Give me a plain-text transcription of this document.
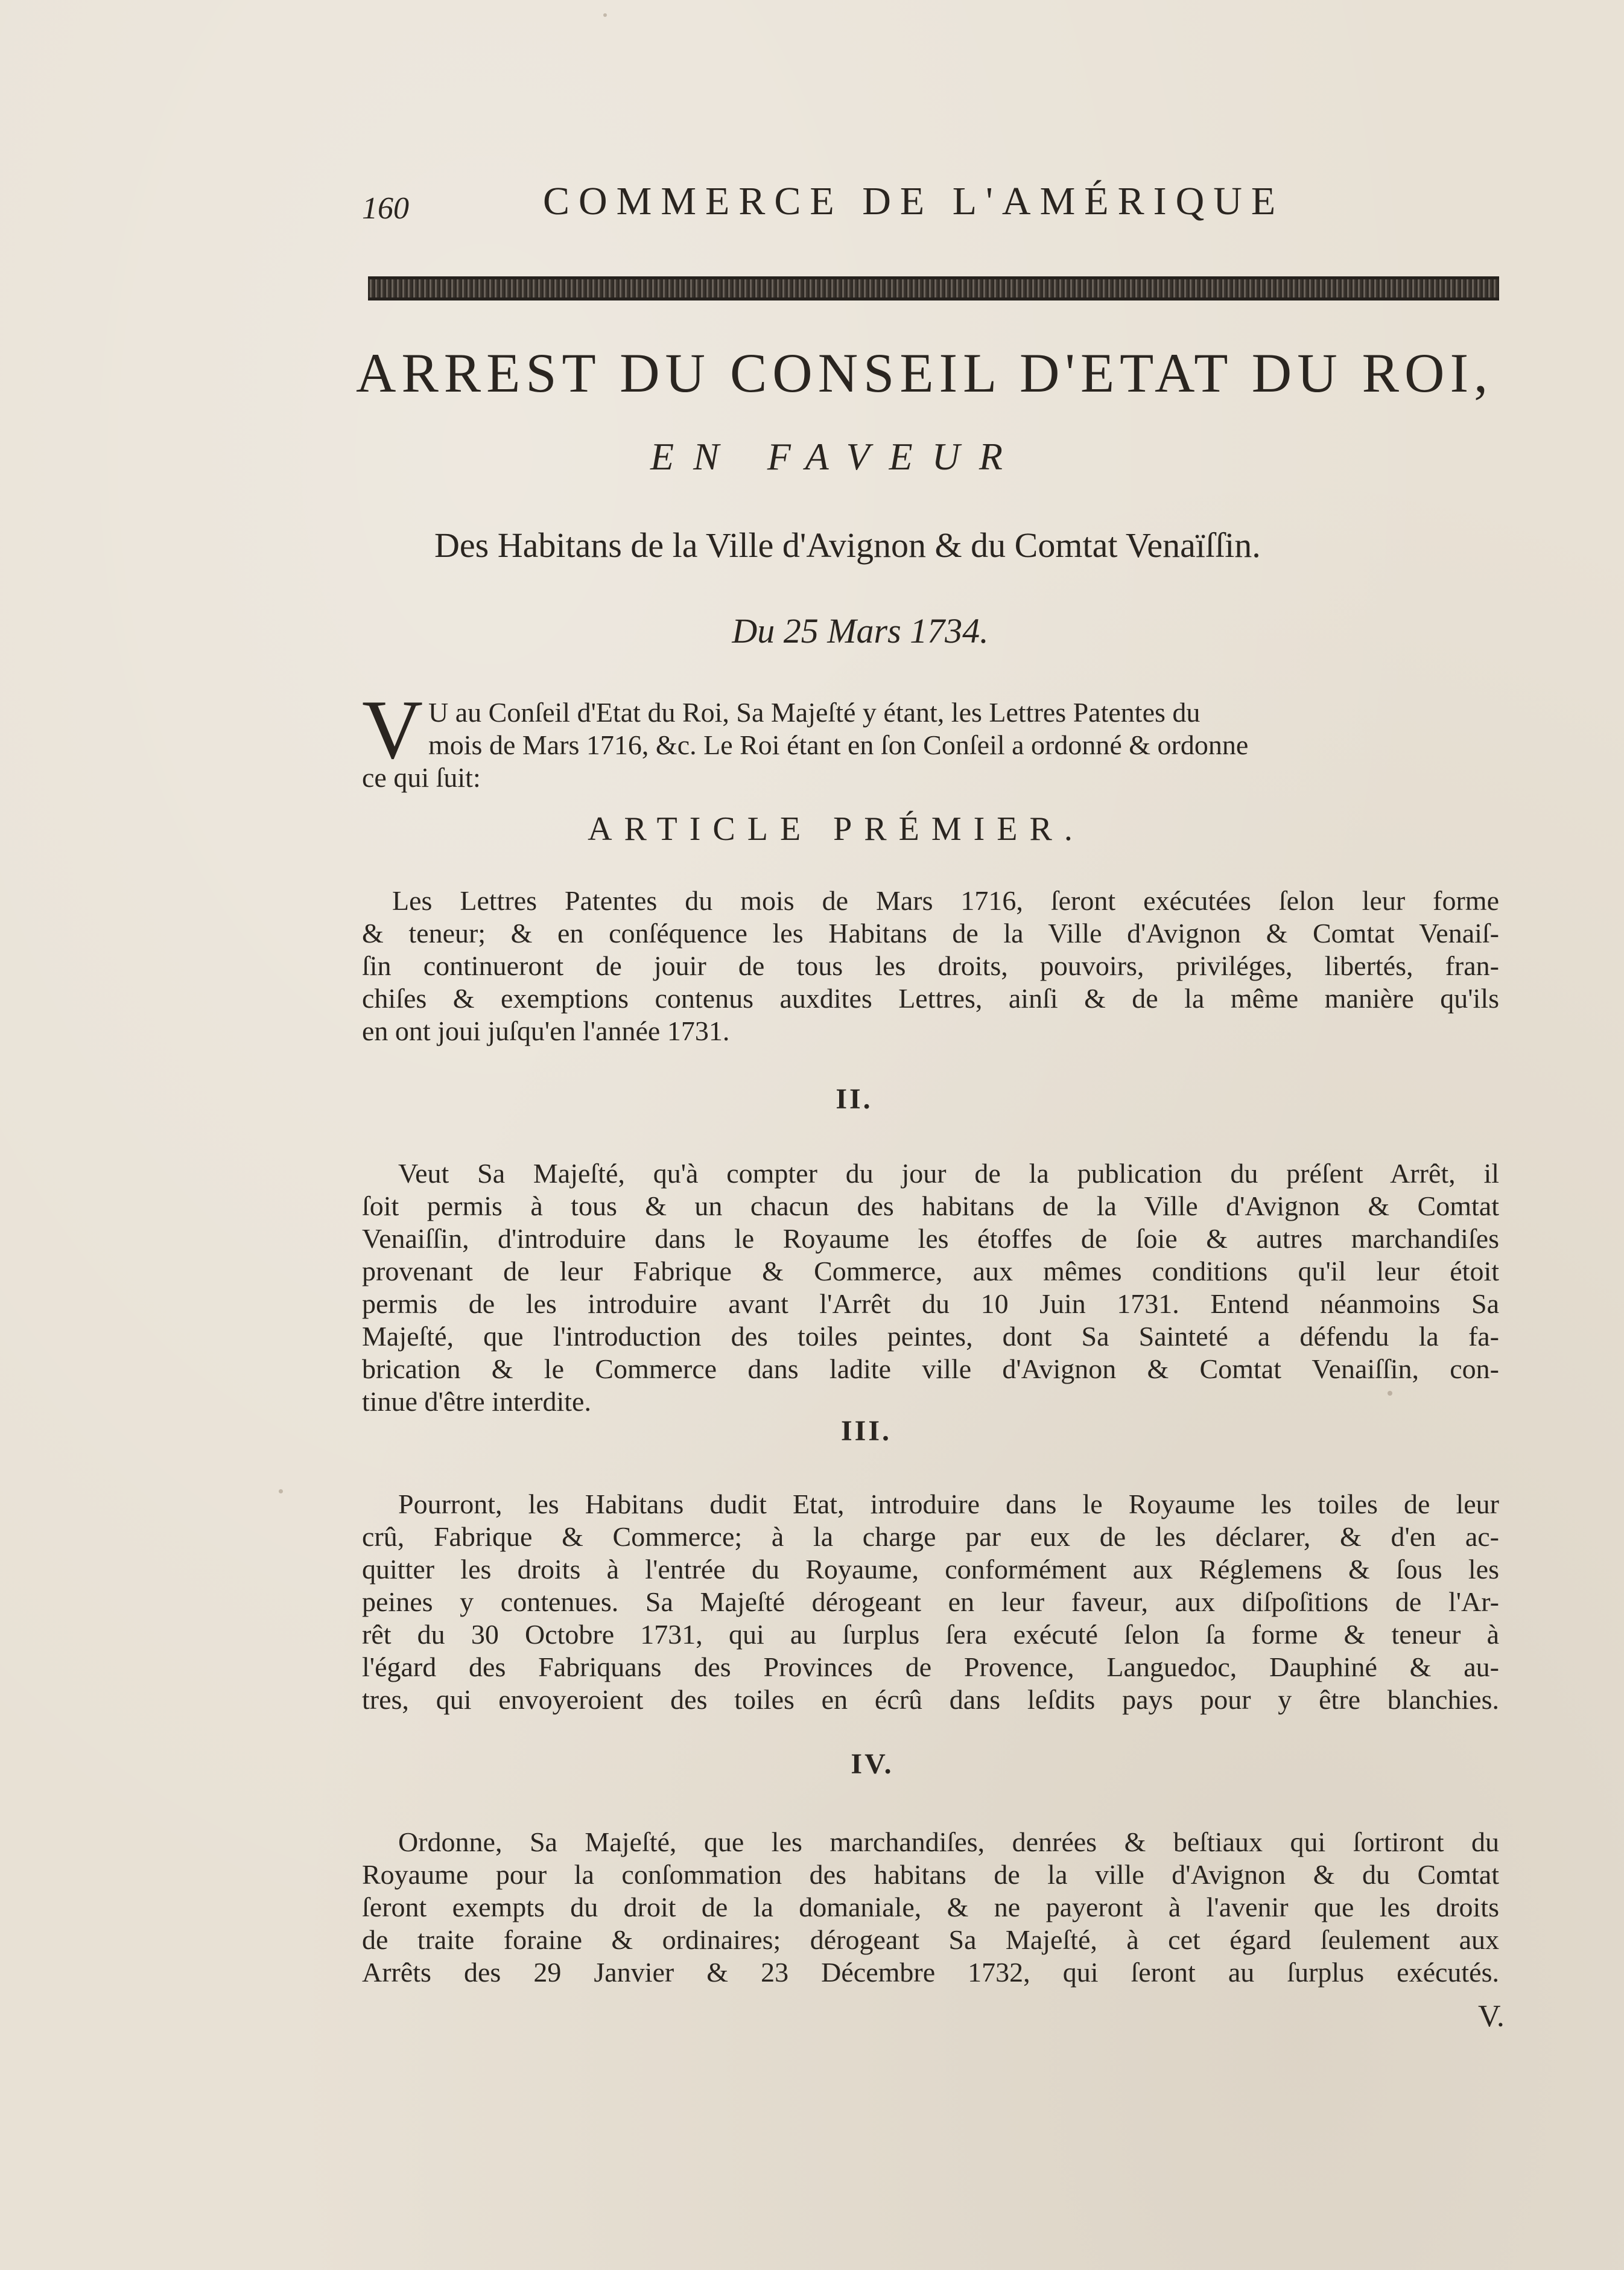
160	COMMERCE DE L'AMÉRIQUE
ARREST DU CONSEIL D'ETAT DU ROI,
EN FAVEUR
Des Habitans de la Ville d'Avignon & du Comtat Venaïſſin.
Du 25 Mars 1734.
V U au Conſeil d'Etat du Roi, Sa Majeſté y étant, les Lettres Patentes du
mois de Mars 1716, &c. Le Roi étant en ſon Conſeil a ordonné & ordonne
ce qui ſuit:
ARTICLE PRÉMIER.
Les Lettres Patentes du mois de Mars 1716, ſeront exécutées ſelon leur forme
& teneur; & en conſéquence les Habitans de la Ville d'Avignon & Comtat Venaiſ-
ſin continueront de jouir de tous les droits, pouvoirs, priviléges, libertés, fran-
chiſes & exemptions contenus auxdites Lettres, ainſi & de la même manière qu'ils
en ont joui juſqu'en l'année 1731.
II.
Veut Sa Majeſté, qu'à compter du jour de la publication du préſent Arrêt, il
ſoit permis à tous & un chacun des habitans de la Ville d'Avignon & Comtat
Venaiſſin, d'introduire dans le Royaume les étoffes de ſoie & autres marchandiſes
provenant de leur Fabrique & Commerce, aux mêmes conditions qu'il leur étoit
permis de les introduire avant l'Arrêt du 10 Juin 1731. Entend néanmoins Sa
Majeſté, que l'introduction des toiles peintes, dont Sa Sainteté a défendu la fa-
brication & le Commerce dans ladite ville d'Avignon & Comtat Venaiſſin, con-
tinue d'être interdite.
III.
Pourront, les Habitans dudit Etat, introduire dans le Royaume les toiles de leur
crû, Fabrique & Commerce; à la charge par eux de les déclarer, & d'en ac-
quitter les droits à l'entrée du Royaume, conformément aux Réglemens & ſous les
peines y contenues. Sa Majeſté dérogeant en leur faveur, aux diſpoſitions de l'Ar-
rêt du 30 Octobre 1731, qui au ſurplus ſera exécuté ſelon ſa forme & teneur à
l'égard des Fabriquans des Provinces de Provence, Languedoc, Dauphiné & au-
tres, qui envoyeroient des toiles en écrû dans leſdits pays pour y être blanchies.
IV.
Ordonne, Sa Majeſté, que les marchandiſes, denrées & beſtiaux qui ſortiront du
Royaume pour la conſommation des habitans de la ville d'Avignon & du Comtat
ſeront exempts du droit de la domaniale, & ne payeront à l'avenir que les droits
de traite foraine & ordinaires; dérogeant Sa Majeſté, à cet égard ſeulement aux
Arrêts des 29 Janvier & 23 Décembre 1732, qui ſeront au ſurplus exécutés.
V.
